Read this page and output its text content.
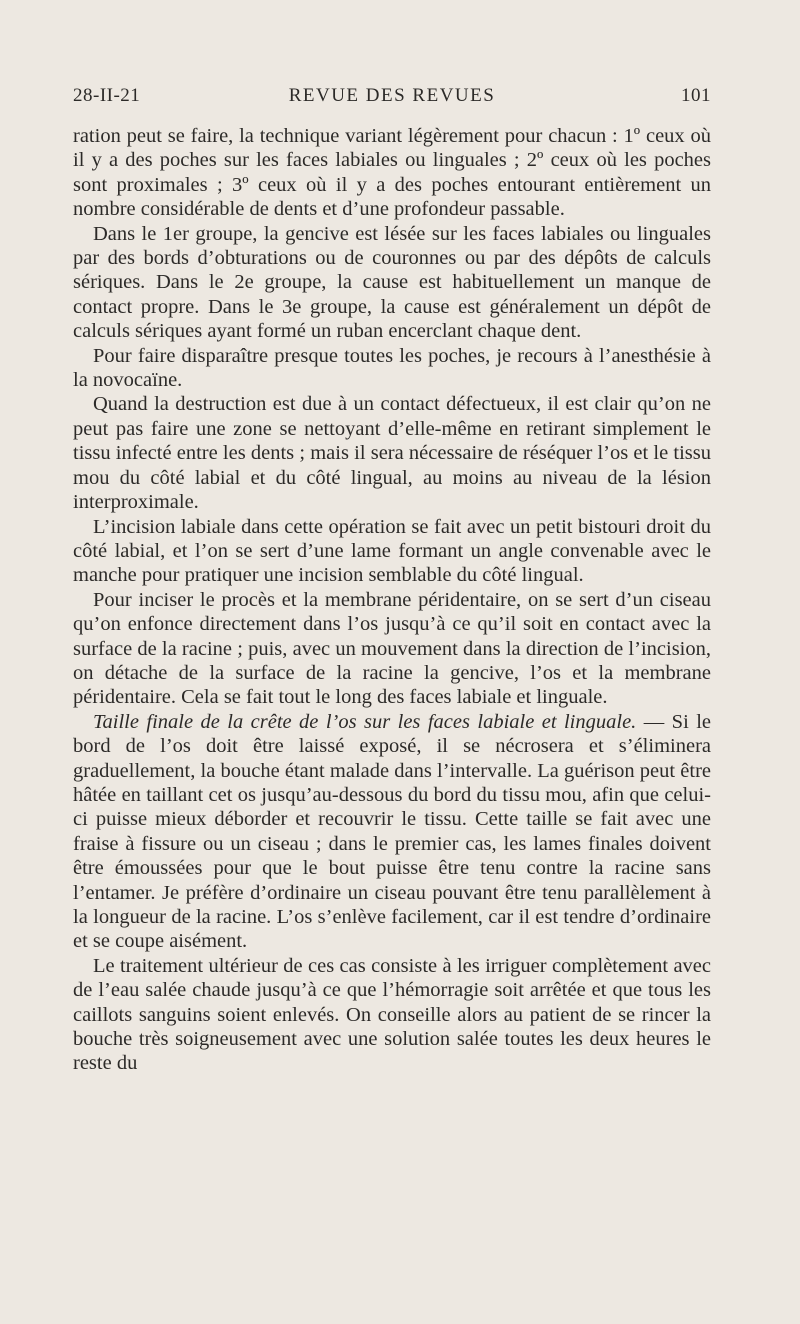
28-II-21	REVUE DES REVUES	101

ration peut se faire, la technique variant légèrement pour chacun : 1º ceux où il y a des poches sur les faces labiales ou linguales ; 2º ceux où les poches sont proximales ; 3º ceux où il y a des poches entourant entièrement un nombre considérable de dents et d’une profondeur passable.

Dans le 1er groupe, la gencive est lésée sur les faces labiales ou linguales par des bords d’obturations ou de couronnes ou par des dépôts de calculs sériques. Dans le 2e groupe, la cause est habituellement un manque de contact propre. Dans le 3e groupe, la cause est généralement un dépôt de calculs sériques ayant formé un ruban encerclant chaque dent.

Pour faire disparaître presque toutes les poches, je recours à l’anesthésie à la novocaïne.

Quand la destruction est due à un contact défectueux, il est clair qu’on ne peut pas faire une zone se nettoyant d’elle-même en retirant simplement le tissu infecté entre les dents ; mais il sera nécessaire de réséquer l’os et le tissu mou du côté labial et du côté lingual, au moins au niveau de la lésion interproximale.

L’incision labiale dans cette opération se fait avec un petit bistouri droit du côté labial, et l’on se sert d’une lame formant un angle convenable avec le manche pour pratiquer une incision semblable du côté lingual.

Pour inciser le procès et la membrane péridentaire, on se sert d’un ciseau qu’on enfonce directement dans l’os jusqu’à ce qu’il soit en contact avec la surface de la racine ; puis, avec un mouvement dans la direction de l’incision, on détache de la surface de la racine la gencive, l’os et la membrane péridentaire. Cela se fait tout le long des faces labiale et linguale.

Taille finale de la crête de l’os sur les faces labiale et linguale. — Si le bord de l’os doit être laissé exposé, il se nécrosera et s’éliminera graduellement, la bouche étant malade dans l’intervalle. La guérison peut être hâtée en taillant cet os jusqu’au-dessous du bord du tissu mou, afin que celui-ci puisse mieux déborder et recouvrir le tissu. Cette taille se fait avec une fraise à fissure ou un ciseau ; dans le premier cas, les lames finales doivent être émoussées pour que le bout puisse être tenu contre la racine sans l’entamer. Je préfère d’ordinaire un ciseau pouvant être tenu parallèlement à la longueur de la racine. L’os s’enlève facilement, car il est tendre d’ordinaire et se coupe aisément.

Le traitement ultérieur de ces cas consiste à les irriguer complètement avec de l’eau salée chaude jusqu’à ce que l’hémorragie soit arrêtée et que tous les caillots sanguins soient enlevés. On conseille alors au patient de se rincer la bouche très soigneusement avec une solution salée toutes les deux heures le reste du
